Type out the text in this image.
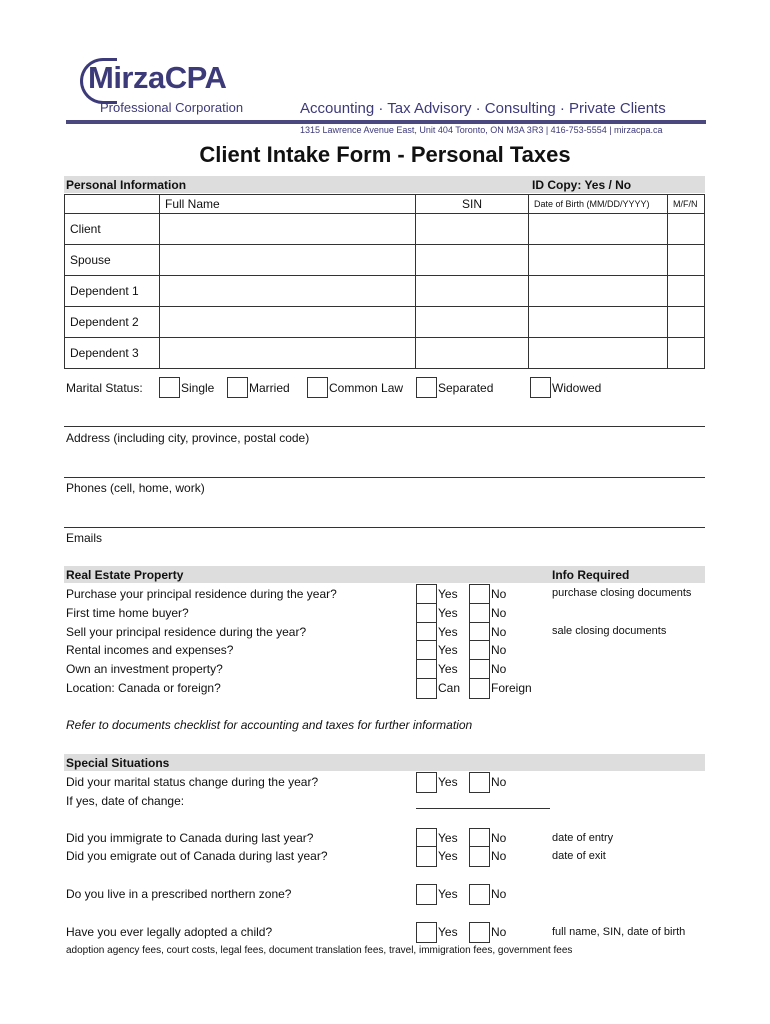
MirzaCPA
Professional Corporation	Accounting · Tax Advisory · Consulting · Private Clients
1315 Lawrence Avenue East, Unit 404 Toronto, ON M3A 3R3 | 416-753-5554 | mirzacpa.ca
Client Intake Form - Personal Taxes
Personal Information	ID Copy: Yes / No
	Full Name	SIN	Date of Birth (MM/DD/YYYY)	M/F/N
Client				
Spouse				
Dependent 1				
Dependent 2				
Dependent 3				
Marital Status:	Single	Married	Common Law	Separated	Widowed
Address (including city, province, postal code)
Phones (cell, home, work)
Emails
Real Estate Property	Info Required
Purchase your principal residence during the year?	Yes	No	purchase closing documents
First time home buyer?	Yes	No
Sell your principal residence during the year?	Yes	No	sale closing documents
Rental incomes and expenses?	Yes	No
Own an investment property?	Yes	No
Location: Canada or foreign?	Can	Foreign
Refer to documents checklist for accounting and taxes for further information
Special Situations
Did your marital status change during the year?	Yes	No
If yes, date of change:
Did you immigrate to Canada during last year?	Yes	No	date of entry
Did you emigrate out of Canada during last year?	Yes	No	date of exit
Do you live in a prescribed northern zone?	Yes	No
Have you ever legally adopted a child?	Yes	No	full name, SIN, date of birth
adoption agency fees, court costs, legal fees, document translation fees, travel, immigration fees, government fees
